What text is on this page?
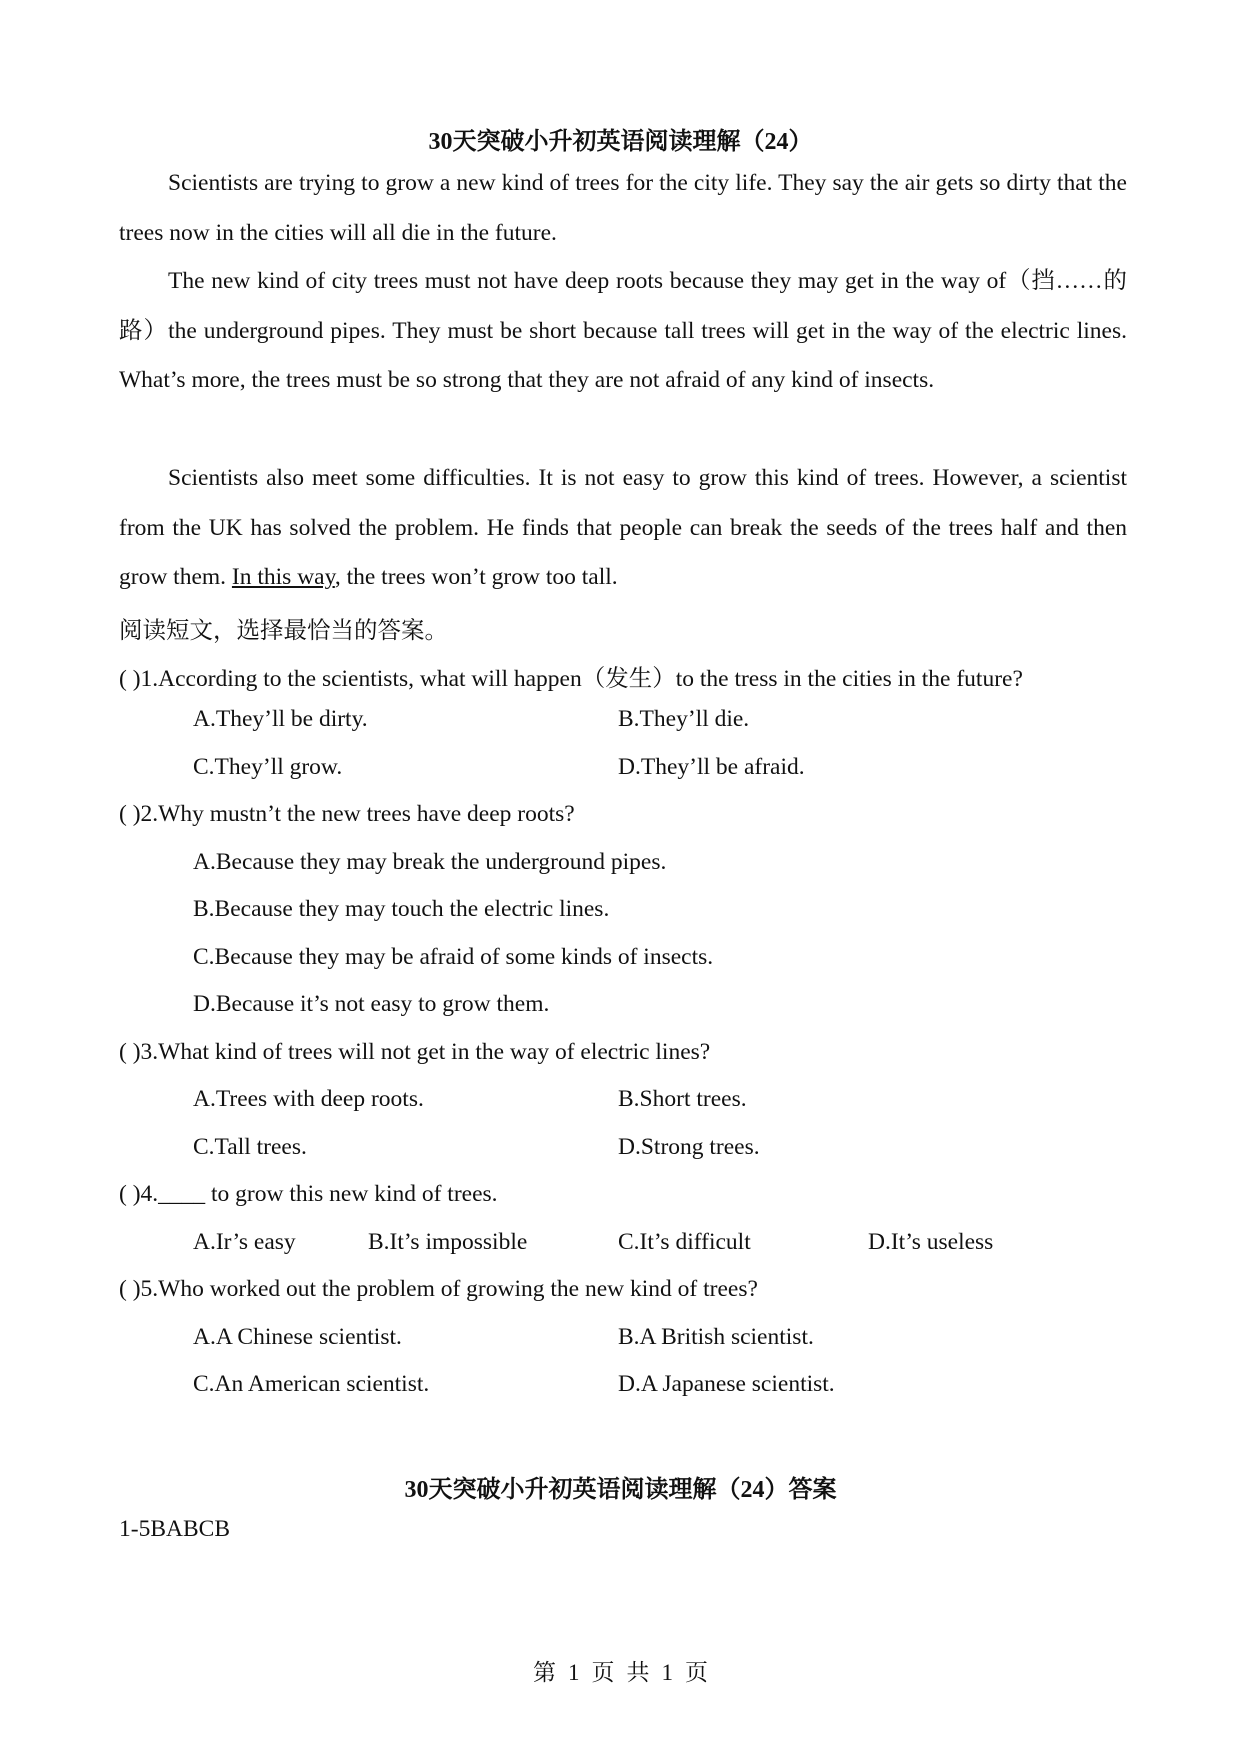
30天突破小升初英语阅读理解（24）
Scientists are trying to grow a new kind of trees for the city life. They say the air gets so dirty that the trees now in the cities will all die in the future.
The new kind of city trees must not have deep roots because they may get in the way of（挡……的路）the underground pipes. They must be short because tall trees will get in the way of the electric lines. What’s more, the trees must be so strong that they are not afraid of any kind of insects.
Scientists also meet some difficulties. It is not easy to grow this kind of trees. However, a scientist from the UK has solved the problem. He finds that people can break the seeds of the trees half and then grow them. In this way, the trees won’t grow too tall.
阅读短文，选择最恰当的答案。
( )1.According to the scientists, what will happen（发生）to the tress in the cities in the future?
A.They’ll be dirty.	B.They’ll die.
C.They’ll grow.	D.They’ll be afraid.
( )2.Why mustn’t the new trees have deep roots?
A.Because they may break the underground pipes.
B.Because they may touch the electric lines.
C.Because they may be afraid of some kinds of insects.
D.Because it’s not easy to grow them.
( )3.What kind of trees will not get in the way of electric lines?
A.Trees with deep roots.	B.Short trees.
C.Tall trees.	D.Strong trees.
( )4.____ to grow this new kind of trees.
A.Ir’s easy	B.It’s impossible	C.It’s difficult	D.It’s useless
( )5.Who worked out the problem of growing the new kind of trees?
A.A Chinese scientist.	B.A British scientist.
C.An American scientist.	D.A Japanese scientist.
30天突破小升初英语阅读理解（24）答案
1-5BABCB
第 1 页 共 1 页
